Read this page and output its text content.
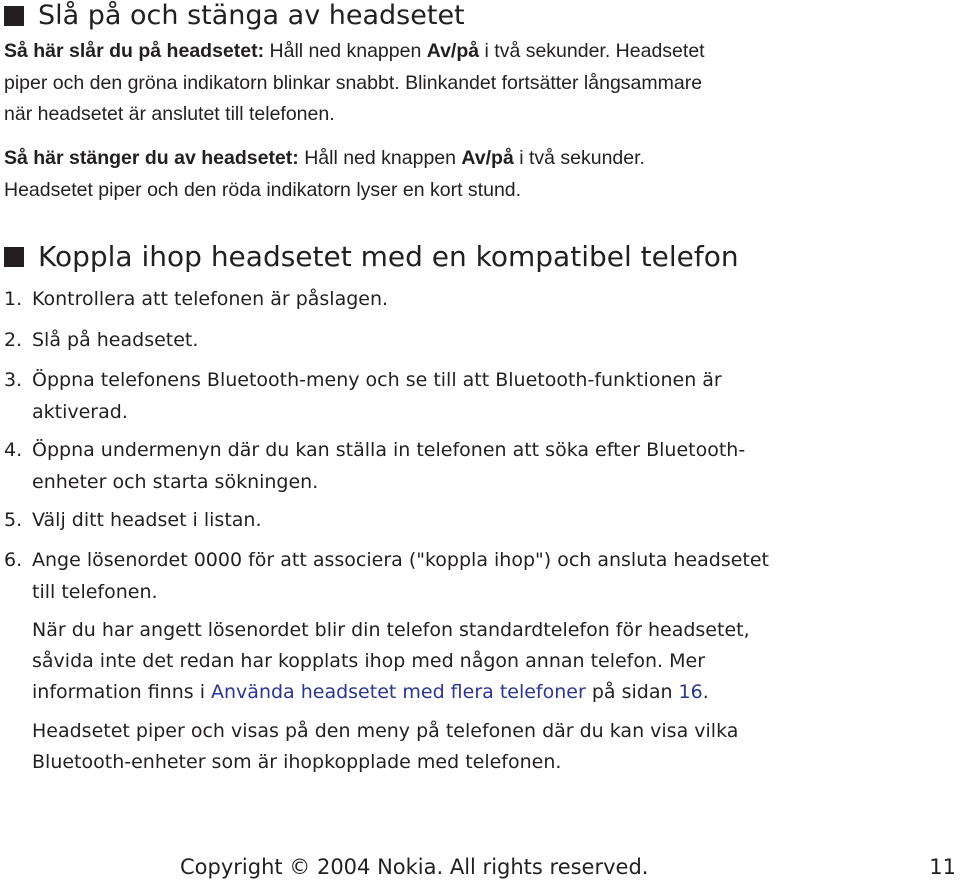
Slå på och stänga av headsetet
Så här slår du på headsetet: Håll ned knappen Av/på i två sekunder. Headsetet
piper och den gröna indikatorn blinkar snabbt. Blinkandet fortsätter långsammare
när headsetet är anslutet till telefonen.
Så här stänger du av headsetet: Håll ned knappen Av/på i två sekunder.
Headsetet piper och den röda indikatorn lyser en kort stund.
Koppla ihop headsetet med en kompatibel telefon
1. Kontrollera att telefonen är påslagen.
2. Slå på headsetet.
3. Öppna telefonens Bluetooth-meny och se till att Bluetooth-funktionen är
aktiverad.
4. Öppna undermenyn där du kan ställa in telefonen att söka efter Bluetooth-
enheter och starta sökningen.
5. Välj ditt headset i listan.
6. Ange lösenordet 0000 för att associera ("koppla ihop") och ansluta headsetet
till telefonen.
När du har angett lösenordet blir din telefon standardtelefon för headsetet,
såvida inte det redan har kopplats ihop med någon annan telefon. Mer
information finns i Använda headsetet med flera telefoner på sidan 16.
Headsetet piper och visas på den meny på telefonen där du kan visa vilka
Bluetooth-enheter som är ihopkopplade med telefonen.
Copyright © 2004 Nokia. All rights reserved.	11
